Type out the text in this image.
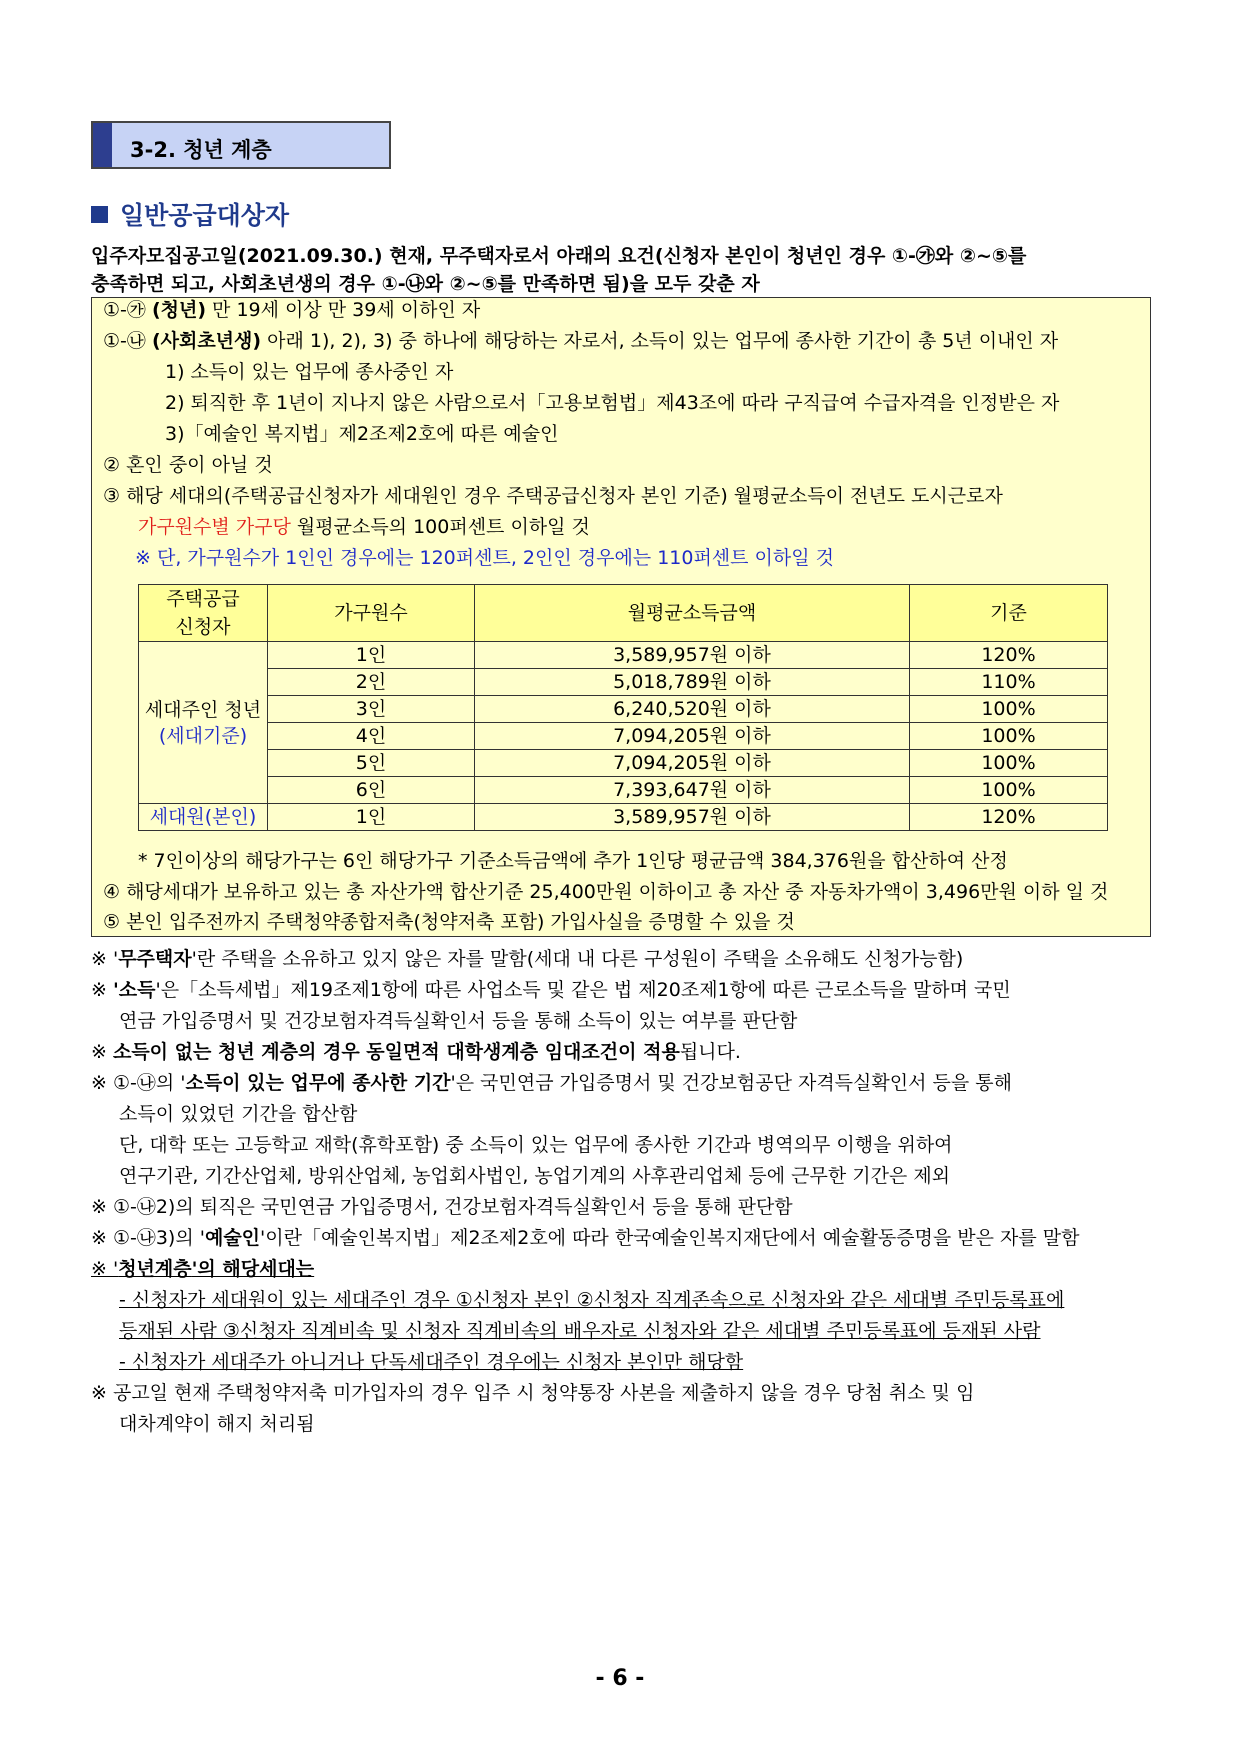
3-2. 청년 계층
일반공급대상자
입주자모집공고일(2021.09.30.) 현재, 무주택자로서 아래의 요건(신청자 본인이 청년인 경우 ①-㉮와 ②~⑤를
충족하면 되고, 사회초년생의 경우 ①-㉯와 ②~⑤를 만족하면 됨)을 모두 갖춘 자
①-㉮ (청년) 만 19세 이상 만 39세 이하인 자
①-㉯ (사회초년생) 아래 1), 2), 3) 중 하나에 해당하는 자로서, 소득이 있는 업무에 종사한 기간이 총 5년 이내인 자
1) 소득이 있는 업무에 종사중인 자
2) 퇴직한 후 1년이 지나지 않은 사람으로서「고용보험법」제43조에 따라 구직급여 수급자격을 인정받은 자
3)「예술인 복지법」제2조제2호에 따른 예술인
② 혼인 중이 아닐 것
③ 해당 세대의(주택공급신청자가 세대원인 경우 주택공급신청자 본인 기준) 월평균소득이 전년도 도시근로자
가구원수별 가구당 월평균소득의 100퍼센트 이하일 것
※ 단, 가구원수가 1인인 경우에는 120퍼센트, 2인인 경우에는 110퍼센트 이하일 것
주택공급
신청자	가구원수	월평균소득금액	기준

세대주인 청년
(세대기준)	1인	3,589,957원 이하	120%
	2인	5,018,789원 이하	110%
	3인	6,240,520원 이하	100%
	4인	7,094,205원 이하	100%
	5인	7,094,205원 이하	100%
	6인	7,393,647원 이하	100%
세대원(본인)	1인	3,589,957원 이하	120%
* 7인이상의 해당가구는 6인 해당가구 기준소득금액에 추가 1인당 평균금액 384,376원을 합산하여 산정
④ 해당세대가 보유하고 있는 총 자산가액 합산기준 25,400만원 이하이고 총 자산 중 자동차가액이 3,496만원 이하 일 것
⑤ 본인 입주전까지 주택청약종합저축(청약저축 포함) 가입사실을 증명할 수 있을 것
※ '무주택자'란 주택을 소유하고 있지 않은 자를 말함(세대 내 다른 구성원이 주택을 소유해도 신청가능함)
※ '소득'은「소득세법」제19조제1항에 따른 사업소득 및 같은 법 제20조제1항에 따른 근로소득을 말하며 국민
연금 가입증명서 및 건강보험자격득실확인서 등을 통해 소득이 있는 여부를 판단함
※ 소득이 없는 청년 계층의 경우 동일면적 대학생계층 임대조건이 적용됩니다.
※ ①-㉯의 '소득이 있는 업무에 종사한 기간'은 국민연금 가입증명서 및 건강보험공단 자격득실확인서 등을 통해
소득이 있었던 기간을 합산함
단, 대학 또는 고등학교 재학(휴학포함) 중 소득이 있는 업무에 종사한 기간과 병역의무 이행을 위하여
연구기관, 기간산업체, 방위산업체, 농업회사법인, 농업기계의 사후관리업체 등에 근무한 기간은 제외
※ ①-㉯2)의 퇴직은 국민연금 가입증명서, 건강보험자격득실확인서 등을 통해 판단함
※ ①-㉯3)의 '예술인'이란「예술인복지법」제2조제2호에 따라 한국예술인복지재단에서 예술활동증명을 받은 자를 말함
※ '청년계층'의 해당세대는
- 신청자가 세대원이 있는 세대주인 경우 ①신청자 본인 ②신청자 직계존속으로 신청자와 같은 세대별 주민등록표에
등재된 사람 ③신청자 직계비속 및 신청자 직계비속의 배우자로 신청자와 같은 세대별 주민등록표에 등재된 사람
- 신청자가 세대주가 아니거나 단독세대주인 경우에는 신청자 본인만 해당함
※ 공고일 현재 주택청약저축 미가입자의 경우 입주 시 청약통장 사본을 제출하지 않을 경우 당첨 취소 및 임
대차계약이 해지 처리됨
- 6 -
